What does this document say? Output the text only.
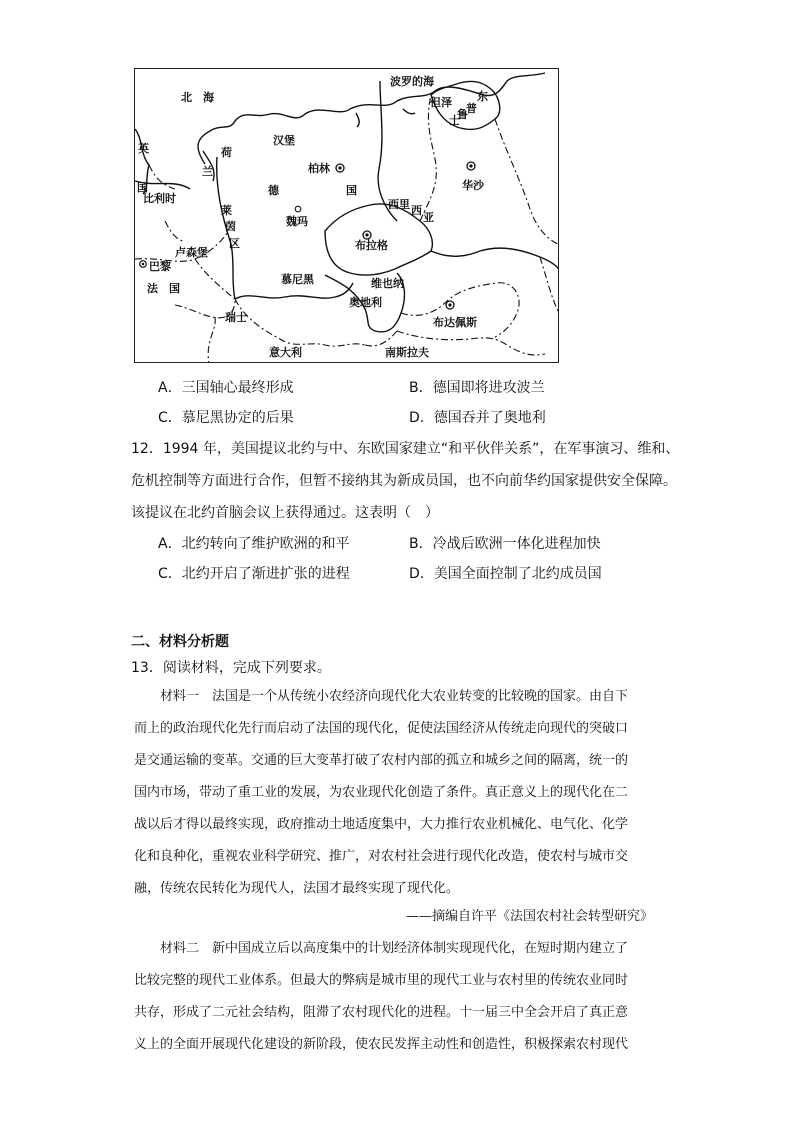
北　海
波罗的海
英
国
荷
兰
汉堡
柏林
德	国
比利时
莱
茵
区
魏玛
卢森堡
巴黎
法　国
慕尼黑
西里 西
亚
布拉格
华沙
维也纳
奥地利
布达佩斯
瑞士
意大利	南斯拉夫
东
普
鲁
士
但泽
A．三国轴心最终形成	B．德国即将进攻波兰
C．慕尼黑协定的后果	D．德国吞并了奥地利
12．1994 年，美国提议北约与中、东欧国家建立“和平伙伴关系”，在军事演习、维和、
危机控制等方面进行合作，但暂不接纳其为新成员国，也不向前华约国家提供安全保障。
该提议在北约首脑会议上获得通过。这表明（　）
A．北约转向了维护欧洲的和平	B．冷战后欧洲一体化进程加快
C．北约开启了渐进扩张的进程	D．美国全面控制了北约成员国
二、材料分析题
13．阅读材料，完成下列要求。
　　材料一　法国是一个从传统小农经济向现代化大农业转变的比较晚的国家。由自下
而上的政治现代化先行而启动了法国的现代化，促使法国经济从传统走向现代的突破口
是交通运输的变革。交通的巨大变革打破了农村内部的孤立和城乡之间的隔离，统一的
国内市场，带动了重工业的发展，为农业现代化创造了条件。真正意义上的现代化在二
战以后才得以最终实现，政府推动土地适度集中，大力推行农业机械化、电气化、化学
化和良种化，重视农业科学研究、推广，对农村社会进行现代化改造，使农村与城市交
融，传统农民转化为现代人，法国才最终实现了现代化。
——摘编自许平《法国农村社会转型研究》
　　材料二　新中国成立后以高度集中的计划经济体制实现现代化，在短时期内建立了
比较完整的现代工业体系。但最大的弊病是城市里的现代工业与农村里的传统农业同时
共存，形成了二元社会结构，阻滞了农村现代化的进程。十一届三中全会开启了真正意
义上的全面开展现代化建设的新阶段，使农民发挥主动性和创造性，积极探索农村现代
